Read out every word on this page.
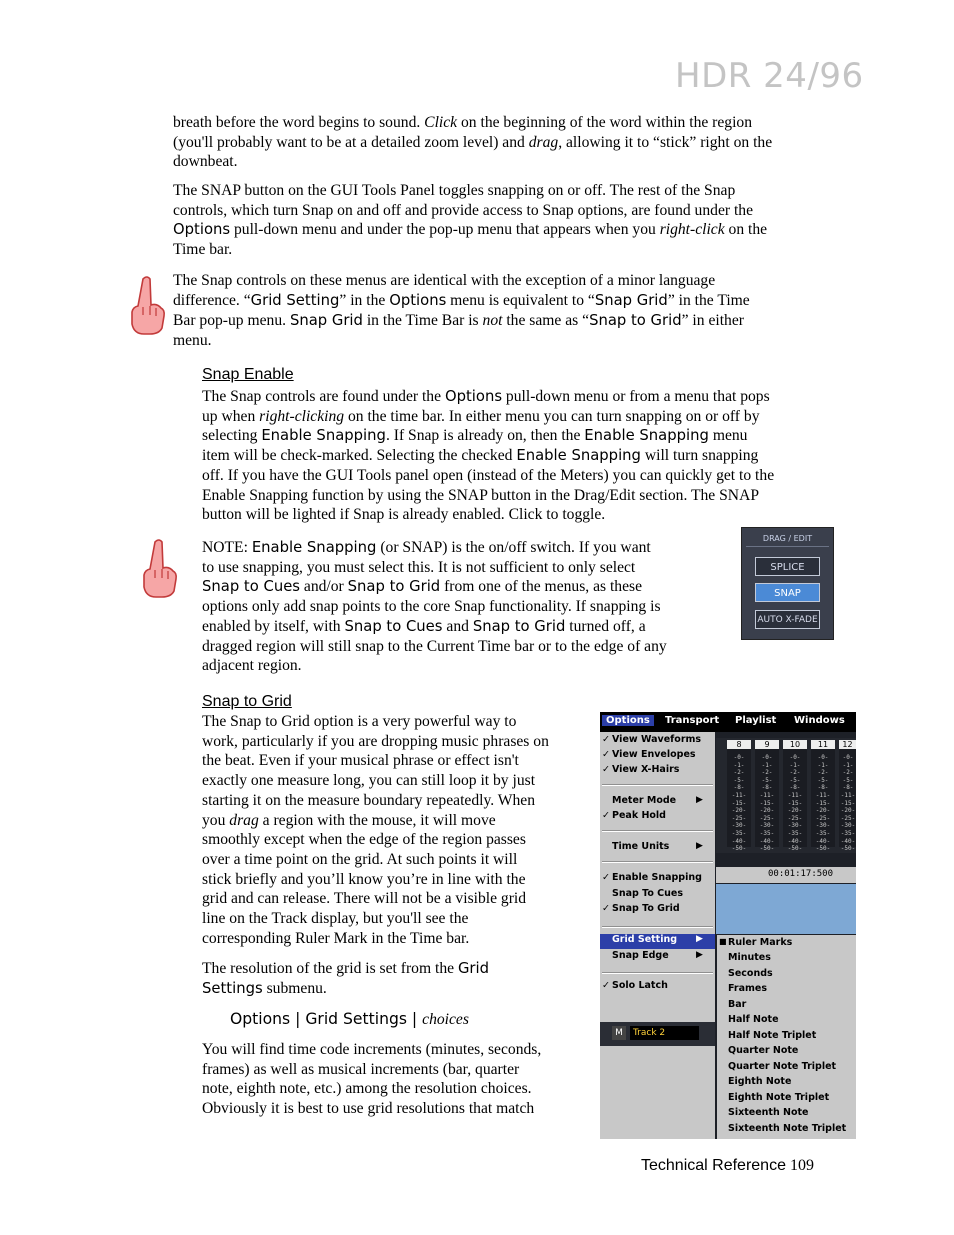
HDR 24/96
breath before the word begins to sound. Click on the beginning of the word within the region
(you'll probably want to be at a detailed zoom level) and drag, allowing it to “stick” right on the
downbeat.
The SNAP button on the GUI Tools Panel toggles snapping on or off. The rest of the Snap
controls, which turn Snap on and off and provide access to Snap options, are found under the
Options pull-down menu and under the pop-up menu that appears when you right-click on the
Time bar.
The Snap controls on these menus are identical with the exception of a minor language
difference. “Grid Setting” in the Options menu is equivalent to “Snap Grid” in the Time
Bar pop-up menu. Snap Grid in the Time Bar is not the same as “Snap to Grid” in either
menu.
Snap Enable
The Snap controls are found under the Options pull-down menu or from a menu that pops
up when right-clicking on the time bar. In either menu you can turn snapping on or off by
selecting Enable Snapping. If Snap is already on, then the Enable Snapping menu
item will be check-marked. Selecting the checked Enable Snapping will turn snapping
off. If you have the GUI Tools panel open (instead of the Meters) you can quickly get to the
Enable Snapping function by using the SNAP button in the Drag/Edit section. The SNAP
button will be lighted if Snap is already enabled. Click to toggle.
NOTE: Enable Snapping (or SNAP) is the on/off switch. If you want
to use snapping, you must select this. It is not sufficient to only select
Snap to Cues and/or Snap to Grid from one of the menus, as these
options only add snap points to the core Snap functionality. If snapping is
enabled by itself, with Snap to Cues and Snap to Grid turned off, a
dragged region will still snap to the Current Time bar or to the edge of any
adjacent region.
DRAG / EDIT
SPLICE
SNAP
AUTO X-FADE
Snap to Grid
The Snap to Grid option is a very powerful way to
work, particularly if you are dropping music phrases on
the beat. Even if your musical phrase or effect isn't
exactly one measure long, you can still loop it by just
starting it on the measure boundary repeatedly. When
you drag a region with the mouse, it will move
smoothly except when the edge of the region passes
over a time point on the grid. At such points it will
stick briefly and you’ll know you’re in line with the
grid and can release. There will not be a visible grid
line on the Track display, but you'll see the
corresponding Ruler Mark in the Time bar.
The resolution of the grid is set from the Grid
Settings submenu.
Options | Grid Settings | choices
You will find time code increments (minutes, seconds,
frames) as well as musical increments (bar, quarter
note, eighth note, etc.) among the resolution choices.
Obviously it is best to use grid resolutions that match
Options	Transport Playlist Windows
8
-0-
-1-
-2-
-5-
-8-
-11-
-15-
-20-
-25-
-30-
-35-
-40-
-50-
9
-0-
-1-
-2-
-5-
-8-
-11-
-15-
-20-
-25-
-30-
-35-
-40-
-50-
10
-0-
-1-
-2-
-5-
-8-
-11-
-15-
-20-
-25-
-30-
-35-
-40-
-50-
11
-0-
-1-
-2-
-5-
-8-
-11-
-15-
-20-
-25-
-30-
-35-
-40-
-50-
12
-0-
-1-
-2-
-5-
-8-
-11-
-15-
-20-
-25-
-30-
-35-
-40-
-50-
00:01:17:500
✓ View Waveforms
✓ View Envelopes
✓ View X-Hairs
Meter Mode ▶
✓ Peak Hold
Time Units	▶
✓ Enable Snapping
Snap To Cues
✓ Snap To Grid
Grid Setting ▶
Snap Edge	▶
✓ Solo Latch
M	Track 2
■ Ruler Marks
Minutes
Seconds
Frames
Bar
Half Note
Half Note Triplet
Quarter Note
Quarter Note Triplet
Eighth Note
Eighth Note Triplet
Sixteenth Note
Sixteenth Note Triplet
Technical Reference 109
